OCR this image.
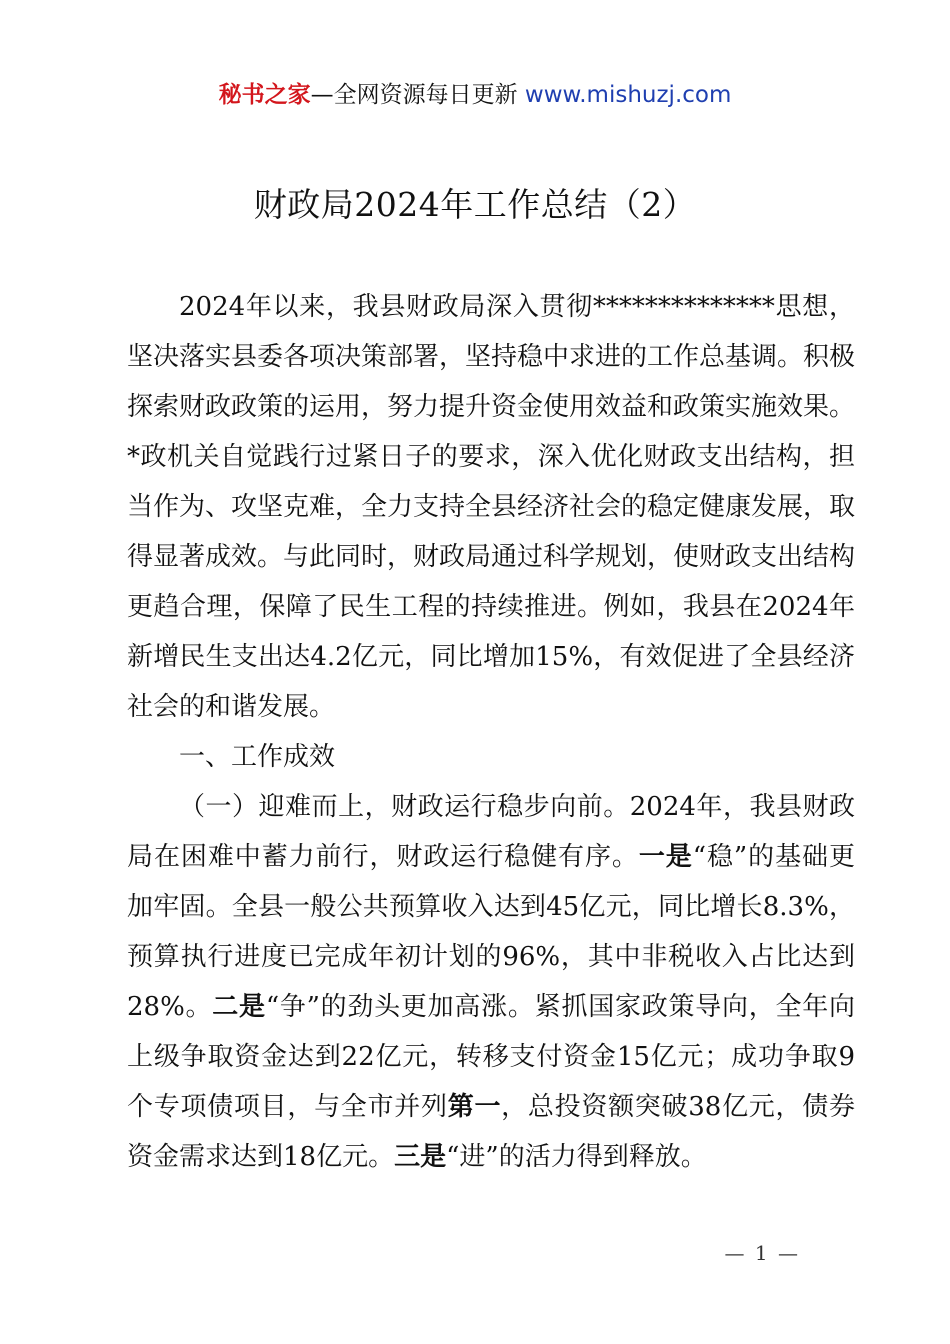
秘书之家—全网资源每日更新 www.mishuzj.com
财政局2024年工作总结（2）

2024年以来，我县财政局深入贯彻**************思想，坚决落实县委各项决策部署，坚持稳中求进的工作总基调。积极探索财政政策的运用，努力提升资金使用效益和政策实施效果。*政机关自觉践行过紧日子的要求，深入优化财政支出结构，担当作为、攻坚克难，全力支持全县经济社会的稳定健康发展，取得显著成效。与此同时，财政局通过科学规划，使财政支出结构更趋合理，保障了民生工程的持续推进。例如，我县在2024年新增民生支出达4.2亿元，同比增加15%，有效促进了全县经济社会的和谐发展。

一、工作成效

（一）迎难而上，财政运行稳步向前。2024年，我县财政局在困难中蓄力前行，财政运行稳健有序。一是“稳”的基础更加牢固。全县一般公共预算收入达到45亿元，同比增长8.3%，预算执行进度已完成年初计划的96%，其中非税收入占比达到28%。二是“争”的劲头更加高涨。紧抓国家政策导向，全年向上级争取资金达到22亿元，转移支付资金15亿元；成功争取9个专项债项目，与全市并列第一，总投资额突破38亿元，债券资金需求达到18亿元。三是“进”的活力得到释放。

— 1 —
